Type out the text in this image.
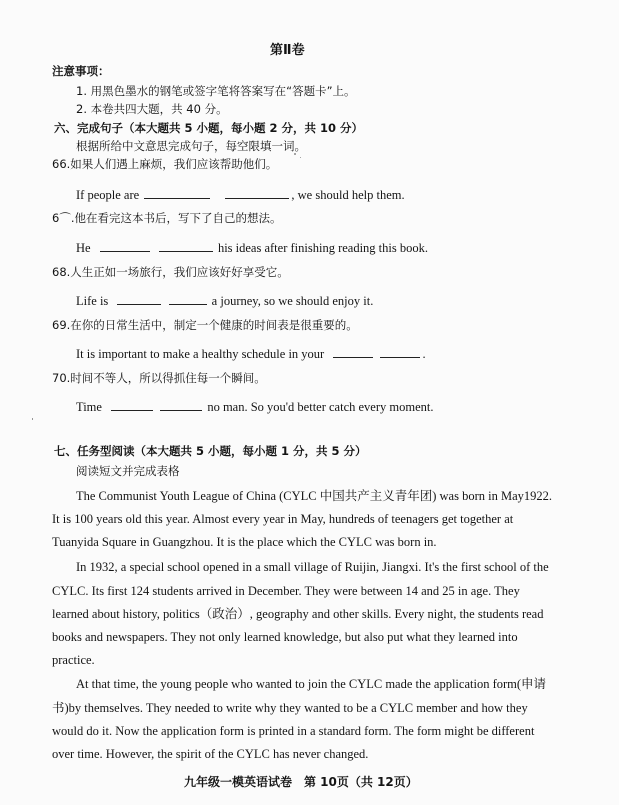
第Ⅱ卷
注意事项：
1. 用黑色墨水的钢笔或签字笔将答案写在“答题卡”上。
2. 本卷共四大题，共 40 分。
六、完成句子（本大题共 5 小题，每小题 2 分，共 10 分）
根据所给中文意思完成句子，每空限填一词。
66.如果人们遇上麻烦，我们应该帮助他们。
If people are	, we should help them.
6⌒.他在看完这本书后，写下了自己的想法。
He	his ideas after finishing reading this book.
68.人生正如一场旅行，我们应该好好享受它。
Life is	a journey, so we should enjoy it.
69.在你的日常生活中，制定一个健康的时间表是很重要的。
It is important to make a healthy schedule in your	.
70.时间不等人，所以得抓住每一个瞬间。
Time	no man. So you'd better catch every moment.
七、任务型阅读（本大题共 5 小题，每小题 1 分，共 5 分）
阅读短文并完成表格
The Communist Youth League of China (CYLC 中国共产主义青年团) was born in May1922.
It is 100 years old this year. Almost every year in May, hundreds of teenagers get together at
Tuanyida Square in Guangzhou. It is the place which the CYLC was born in.
In 1932, a special school opened in a small village of Ruijin, Jiangxi. It's the first school of the
CYLC. Its first 124 students arrived in December. They were between 14 and 25 in age. They
learned about history, politics（政治）, geography and other skills. Every night, the students read
books and newspapers. They not only learned knowledge, but also put what they learned into
practice.
At that time, the young people who wanted to join the CYLC made the application form(申请
书)by themselves. They needed to write why they wanted to be a CYLC member and how they
would do it. Now the application form is printed in a standard form. The form might be different
over time. However, the spirit of the CYLC has never changed.
九年级一模英语试卷　第 10页（共 12页）
